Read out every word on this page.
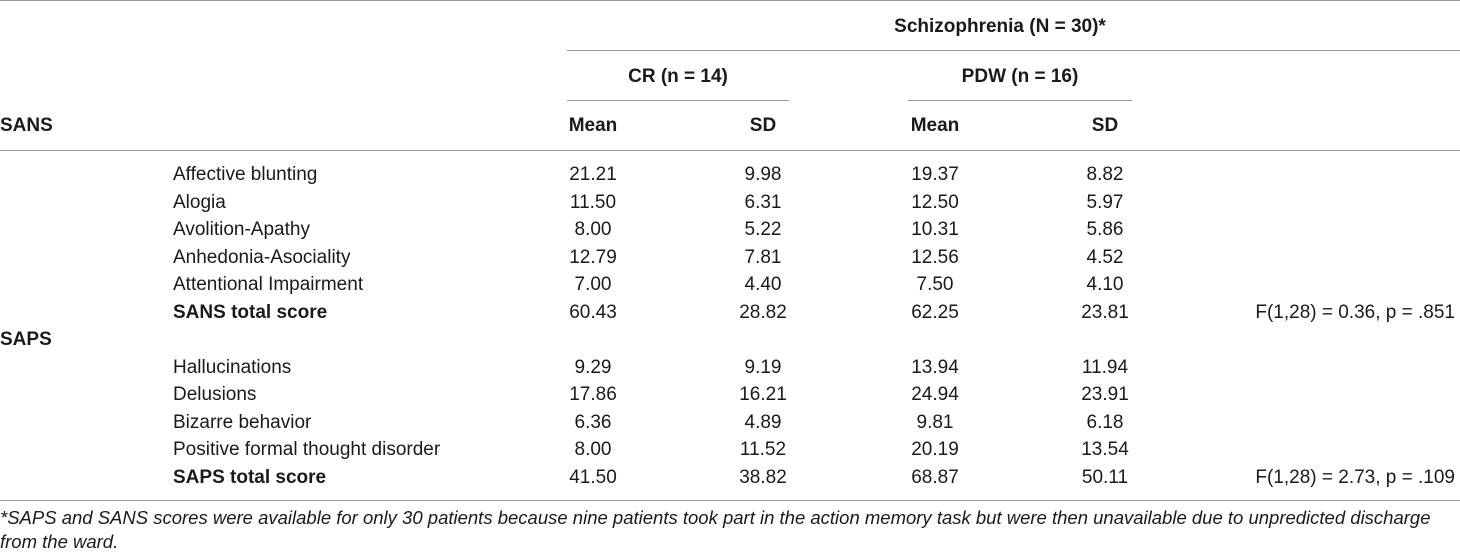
Schizophrenia (N = 30)*
CR (n = 14)	PDW (n = 16)
SANS	Mean	SD	Mean	SD
Affective blunting	21.21	9.98	19.37	8.82
Alogia	11.50	6.31	12.50	5.97
Avolition-Apathy	8.00	5.22	10.31	5.86
Anhedonia-Asociality	12.79	7.81	12.56	4.52
Attentional Impairment	7.00	4.40	7.50	4.10
SANS total score	60.43	28.82	62.25	23.81	F(1,28) = 0.36, p = .851
SAPS
Hallucinations	9.29	9.19	13.94	11.94
Delusions	17.86	16.21	24.94	23.91
Bizarre behavior	6.36	4.89	9.81	6.18
Positive formal thought disorder	8.00	11.52	20.19	13.54
SAPS total score	41.50	38.82	68.87	50.11	F(1,28) = 2.73, p = .109
*SAPS and SANS scores were available for only 30 patients because nine patients took part in the action memory task but were then unavailable due to unpredicted discharge from the ward.
